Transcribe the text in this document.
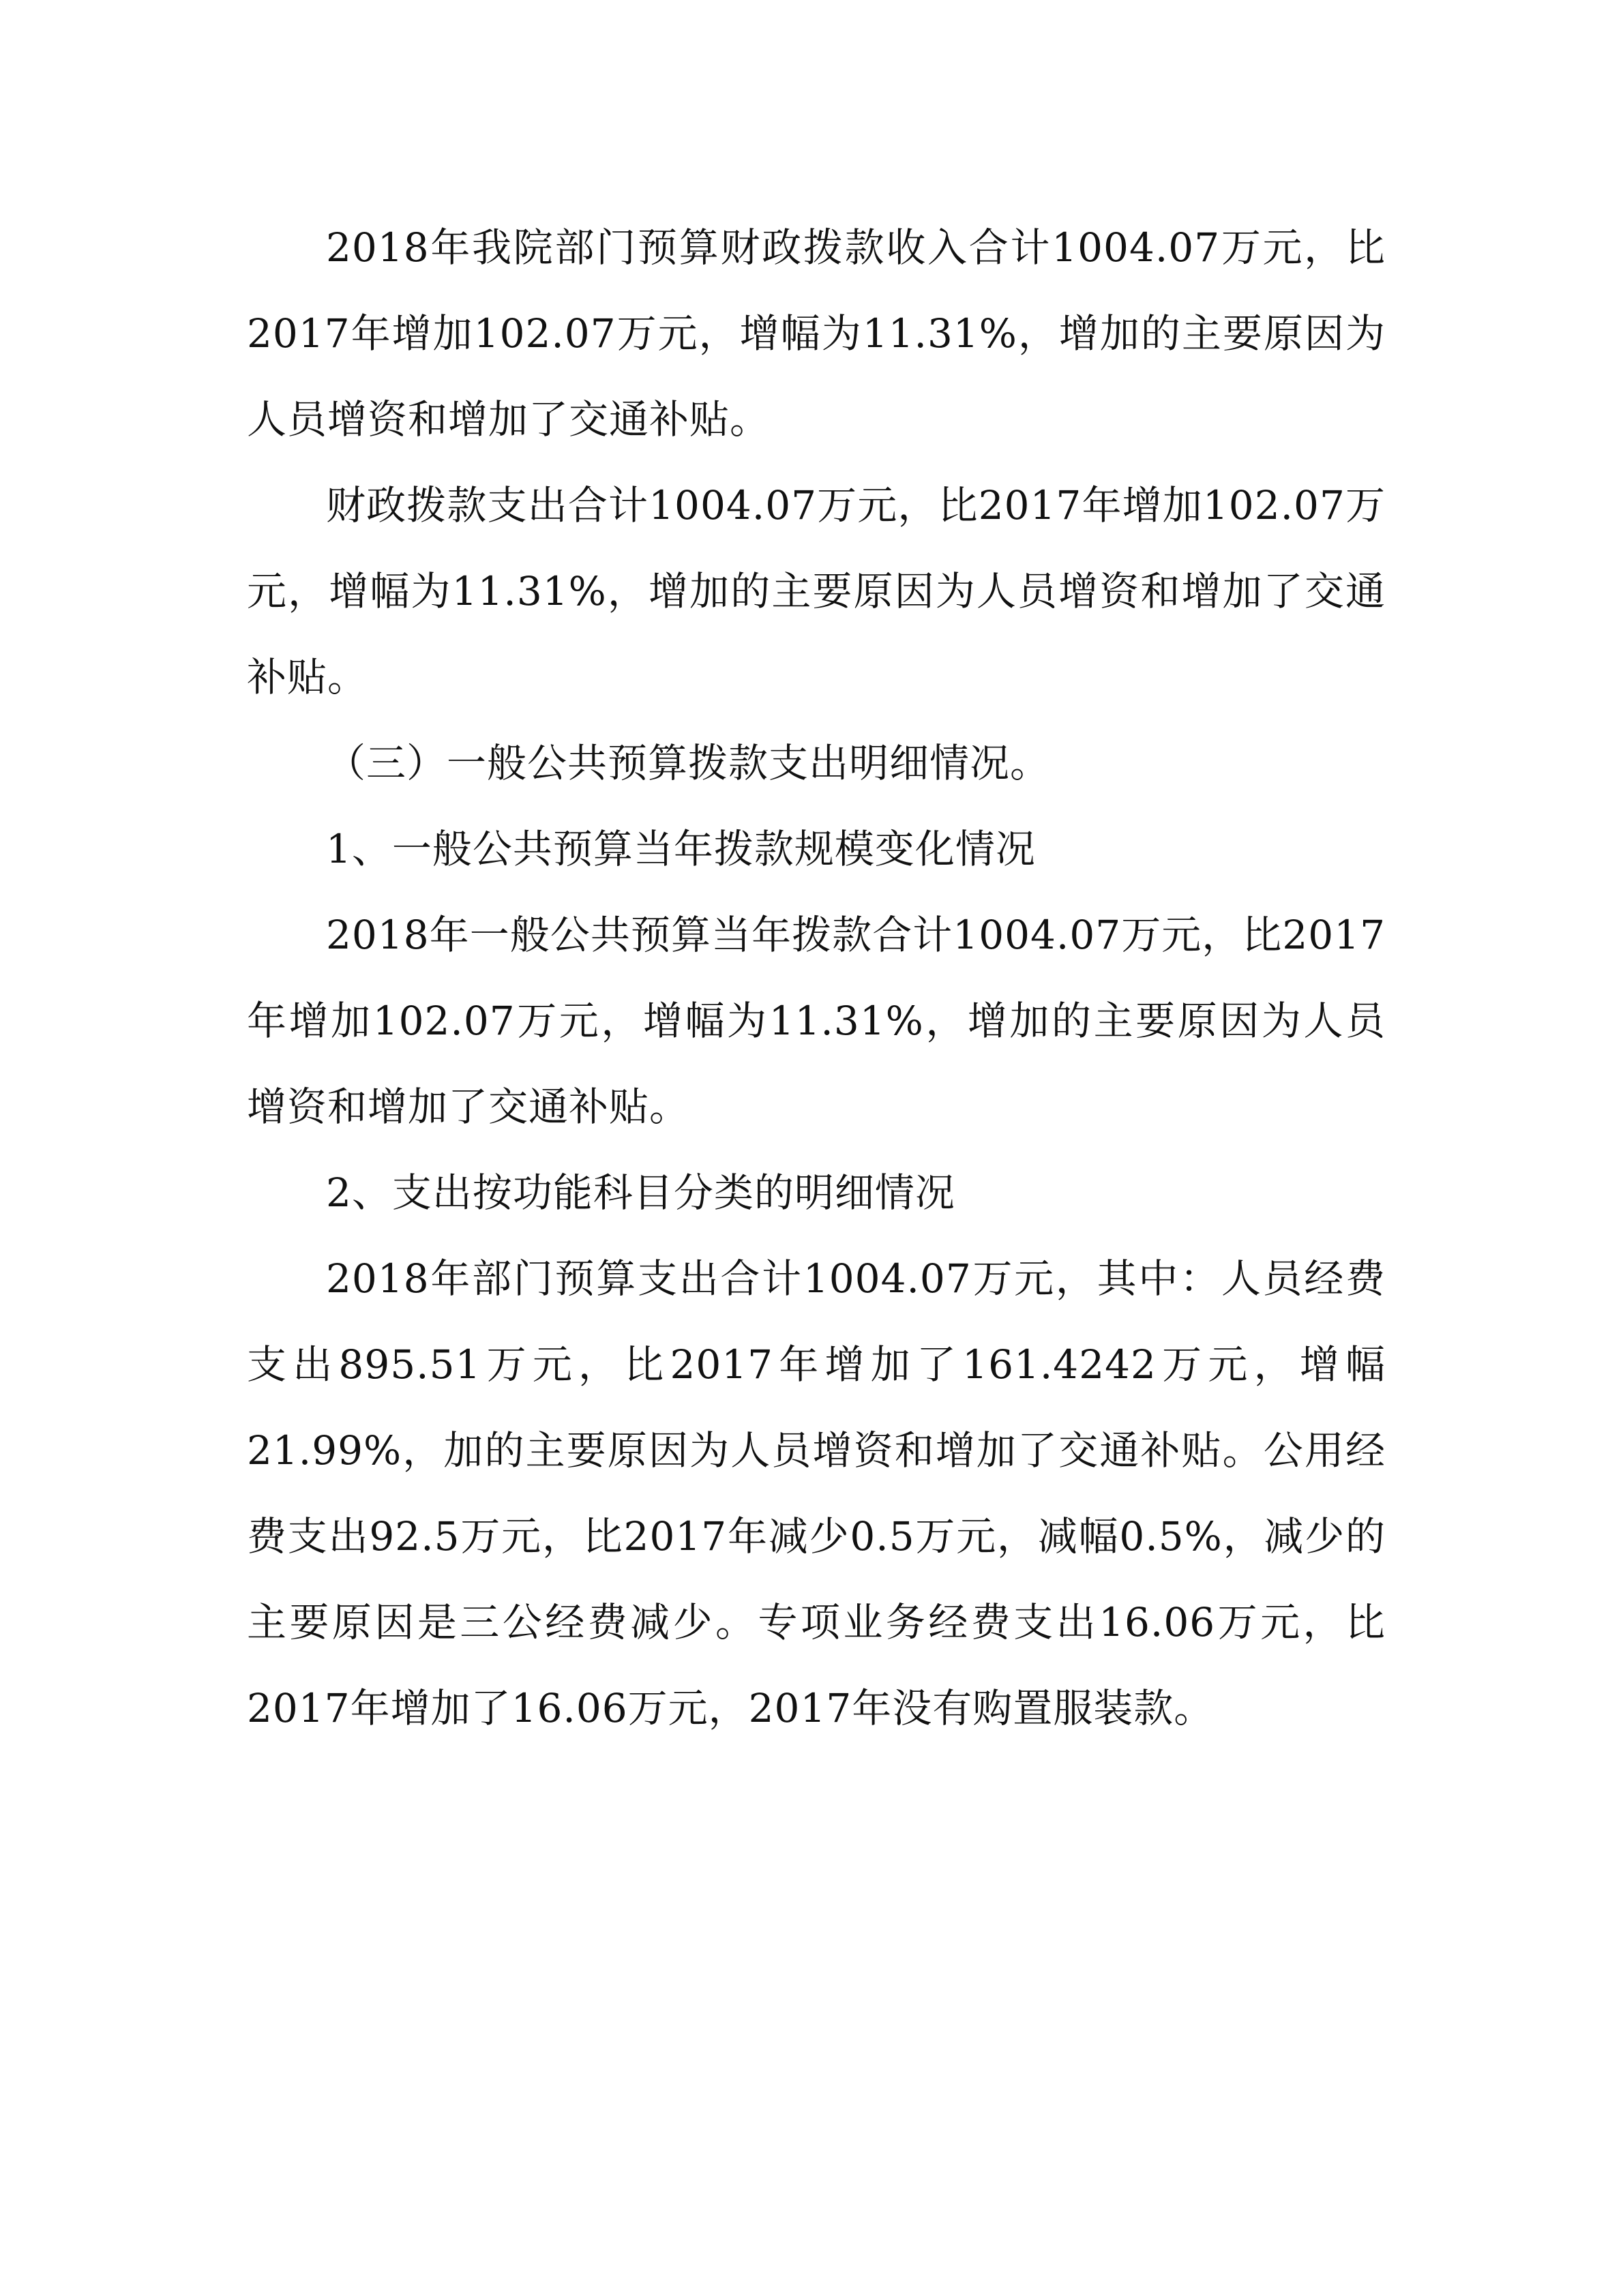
2018年我院部门预算财政拨款收入合计1004.07万元，比2017年增加102.07万元，增幅为11.31%，增加的主要原因为人员增资和增加了交通补贴。

财政拨款支出合计1004.07万元，比2017年增加102.07万元，增幅为11.31%，增加的主要原因为人员增资和增加了交通补贴。

（三）一般公共预算拨款支出明细情况。

1、一般公共预算当年拨款规模变化情况

2018年一般公共预算当年拨款合计1004.07万元，比2017年增加102.07万元，增幅为11.31%，增加的主要原因为人员增资和增加了交通补贴。

2、支出按功能科目分类的明细情况

2018年部门预算支出合计1004.07万元，其中：人员经费支出895.51万元，比2017年增加了161.4242万元，增幅21.99%，加的主要原因为人员增资和增加了交通补贴。公用经费支出92.5万元，比2017年减少0.5万元，减幅0.5%，减少的主要原因是三公经费减少。专项业务经费支出16.06万元，比2017年增加了16.06万元，2017年没有购置服装款。
